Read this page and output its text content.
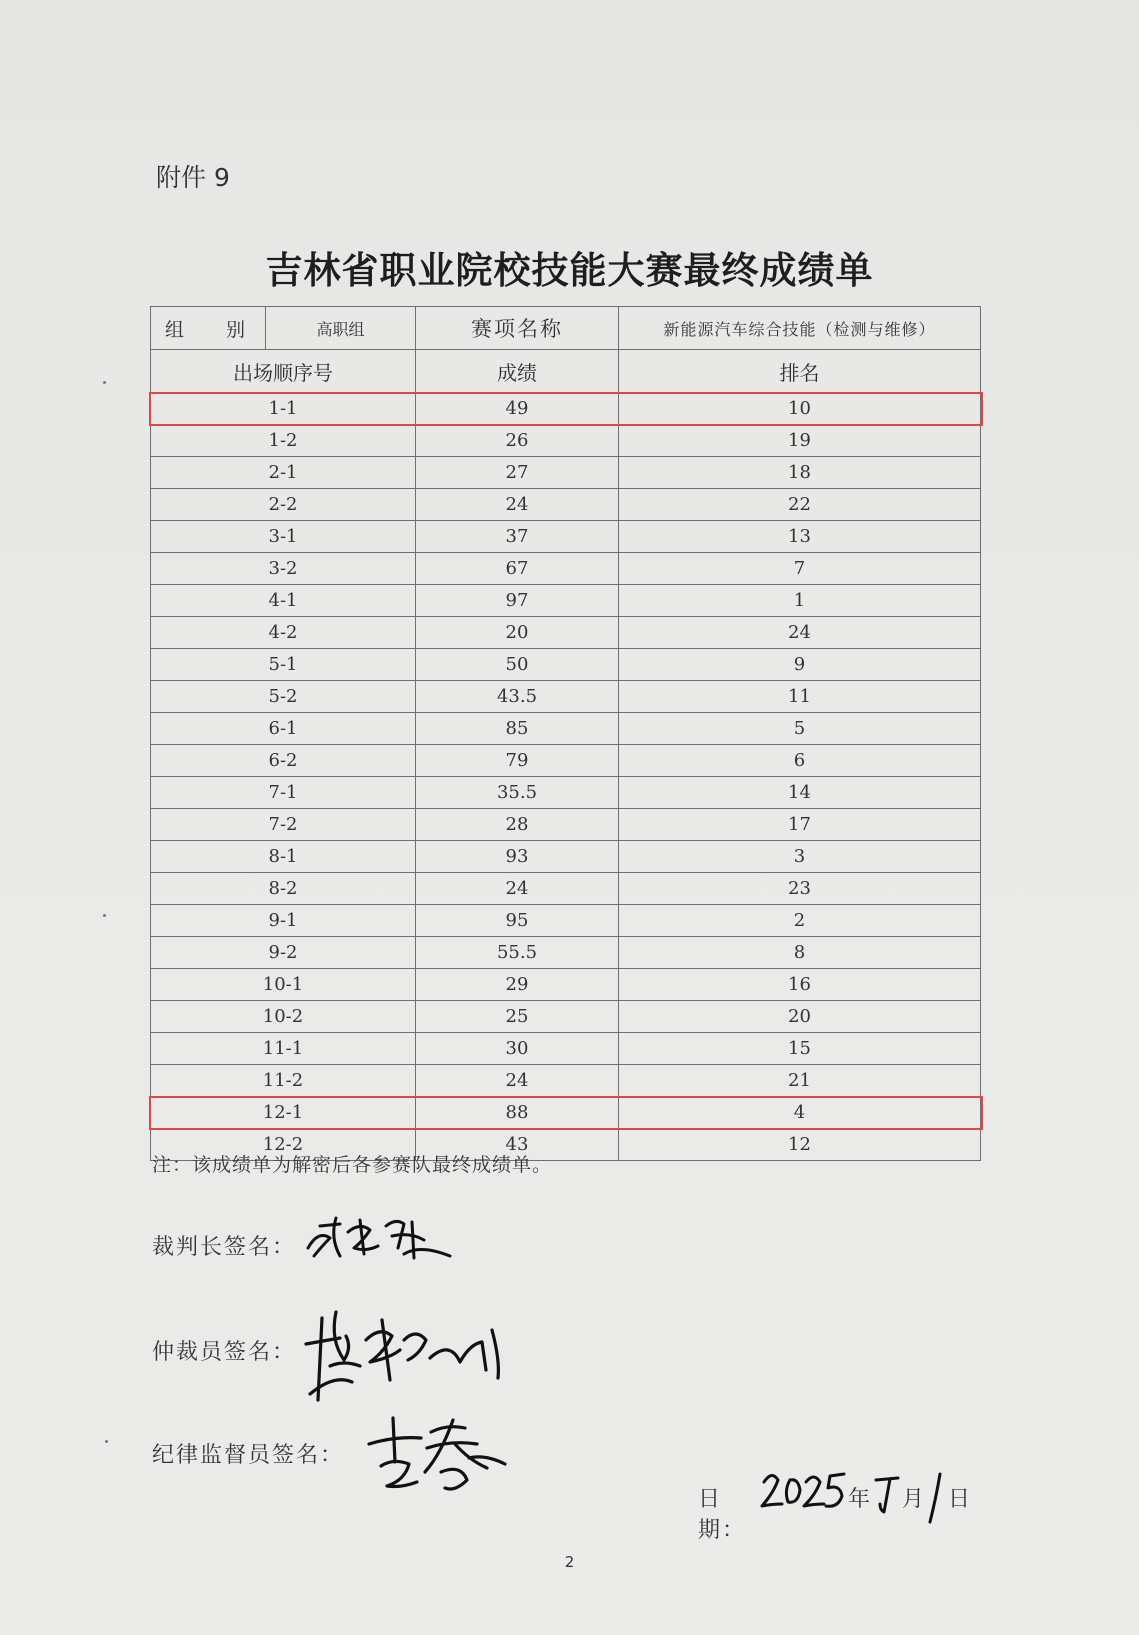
附件 9
吉林省职业院校技能大赛最终成绩单
组 别	高职组	赛项名称	新能源汽车综合技能（检测与维修）
出场顺序号		成绩	排名
1-1		49	10
1-2		26	19
2-1		27	18
2-2		24	22
3-1		37	13
3-2		67	7
4-1		97	1
4-2		20	24
5-1		50	9
5-2		43.5	11
6-1		85	5
6-2		79	6
7-1		35.5	14
7-2		28	17
8-1		93	3
8-2		24	23
9-1		95	2
9-2		55.5	8
10-1		29	16
10-2		25	20
11-1		30	15
11-2		24	21
12-1		88	4
12-2		43	12
注：该成绩单为解密后各参赛队最终成绩单。
裁判长签名：
仲裁员签名：
纪律监督员签名：
日期：
年 月 日
2
